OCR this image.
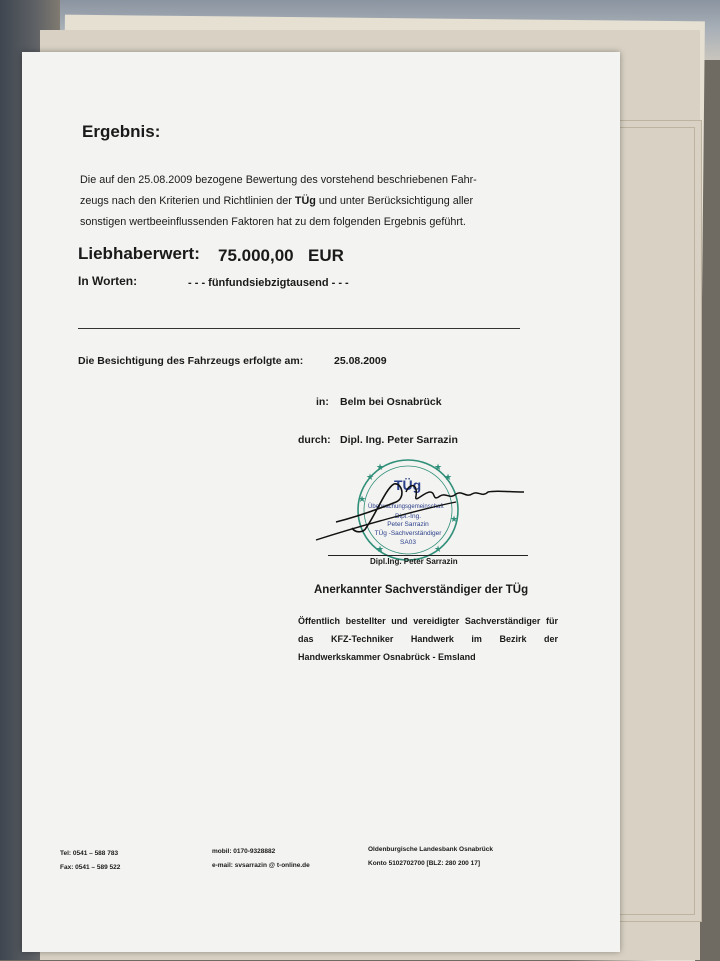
Ergebnis:
Die auf den 25.08.2009 bezogene Bewertung des vorstehend beschriebenen Fahr-
zeugs nach den Kriterien und Richtlinien der TÜg und unter Berücksichtigung aller
sonstigen wertbeeinflussenden Faktoren hat zu dem folgenden Ergebnis geführt.
Liebhaberwert: 75.000,00 EUR
In Worten:	- - - fünfundsiebzigtausend - - -
Die Besichtigung des Fahrzeugs erfolgte am:	25.08.2009
in: Belm bei Osnabrück
durch: Dipl. Ing. Peter Sarrazin
★
★	★
★
★
★
★	★
TÜg
Überwachungsgemeinschaft
Dipl.-Ing.
Peter Sarrazin
TÜg -Sachverständiger
SA03
Dipl.Ing. Peter Sarrazin
Anerkannter Sachverständiger der TÜg
Öffentlich bestellter und vereidigter Sachverständiger für das KFZ-Techniker Handwerk im Bezirk der Handwerkskammer Osnabrück - Emsland
Tel: 0541 – 588 783
Fax: 0541 – 589 522
mobil: 0170-9328882
e-mail: svsarrazin @ t-online.de
Oldenburgische Landesbank Osnabrück
Konto 5102702700 [BLZ: 280 200 17]
